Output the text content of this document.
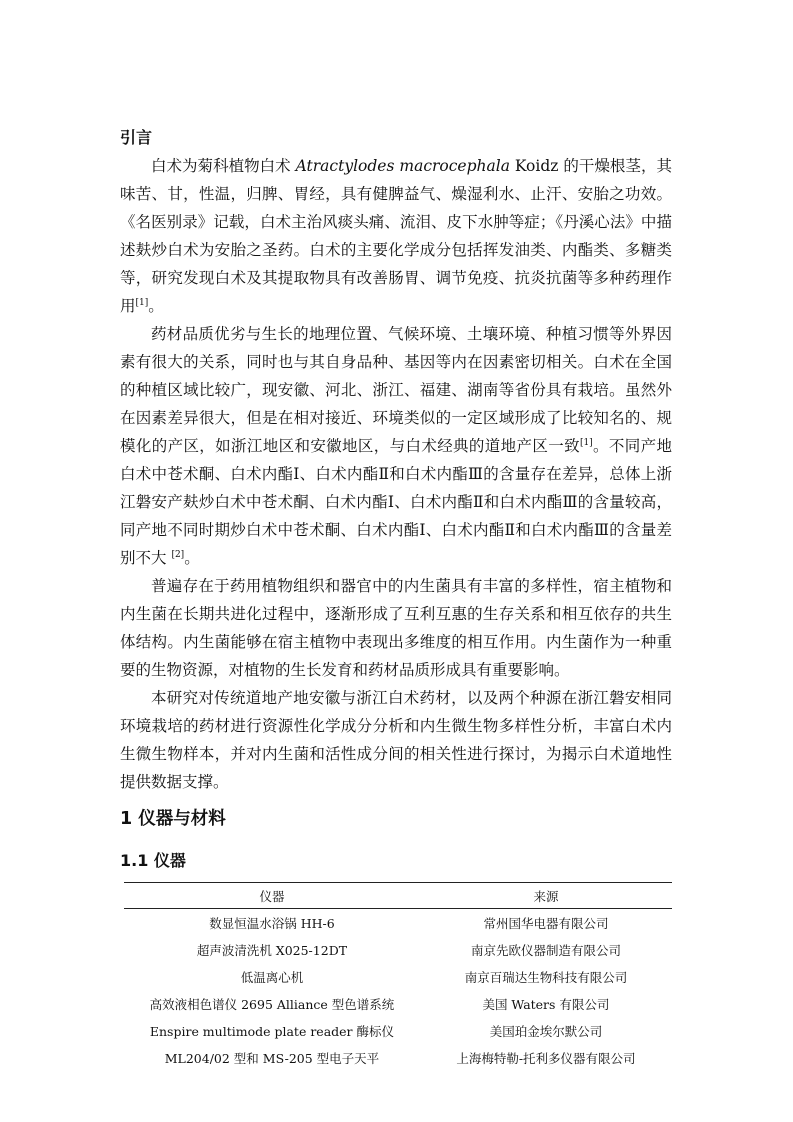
引言

白术为菊科植物白术 Atractylodes macrocephala Koidz 的干燥根茎，其味苦、甘，性温，归脾、胃经，具有健脾益气、燥湿利水、止汗、安胎之功效。《名医别录》记载，白术主治风痰头痛、流泪、皮下水肿等症；《丹溪心法》中描述麸炒白术为安胎之圣药。白术的主要化学成分包括挥发油类、内酯类、多糖类等，研究发现白术及其提取物具有改善肠胃、调节免疫、抗炎抗菌等多种药理作用[1]。

药材品质优劣与生长的地理位置、气候环境、土壤环境、种植习惯等外界因素有很大的关系，同时也与其自身品种、基因等内在因素密切相关。白术在全国的种植区域比较广，现安徽、河北、浙江、福建、湖南等省份具有栽培。虽然外在因素差异很大，但是在相对接近、环境类似的一定区域形成了比较知名的、规模化的产区，如浙江地区和安徽地区，与白术经典的道地产区一致[1]。不同产地白术中苍术酮、白术内酯Ⅰ、白术内酯Ⅱ和白术内酯Ⅲ的含量存在差异，总体上浙江磐安产麸炒白术中苍术酮、白术内酯Ⅰ、白术内酯Ⅱ和白术内酯Ⅲ的含量较高，同产地不同时期炒白术中苍术酮、白术内酯Ⅰ、白术内酯Ⅱ和白术内酯Ⅲ的含量差别不大 [2]。

普遍存在于药用植物组织和器官中的内生菌具有丰富的多样性，宿主植物和内生菌在长期共进化过程中，逐渐形成了互利互惠的生存关系和相互依存的共生体结构。内生菌能够在宿主植物中表现出多维度的相互作用。内生菌作为一种重要的生物资源，对植物的生长发育和药材品质形成具有重要影响。

本研究对传统道地产地安徽与浙江白术药材，以及两个种源在浙江磐安相同环境栽培的药材进行资源性化学成分分析和内生微生物多样性分析，丰富白术内生微生物样本，并对内生菌和活性成分间的相关性进行探讨，为揭示白术道地性提供数据支撑。

1 仪器与材料
1.1 仪器
仪器	来源
数显恒温水浴锅 HH-6	常州国华电器有限公司
超声波清洗机 X025-12DT	南京先欧仪器制造有限公司
低温离心机	南京百瑞达生物科技有限公司
高效液相色谱仪 2695 Alliance 型色谱系统	美国 Waters 有限公司
Enspire multimode plate reader 酶标仪	美国珀金埃尔默公司
ML204/02 型和 MS-205 型电子天平	上海梅特勒-托利多仪器有限公司
